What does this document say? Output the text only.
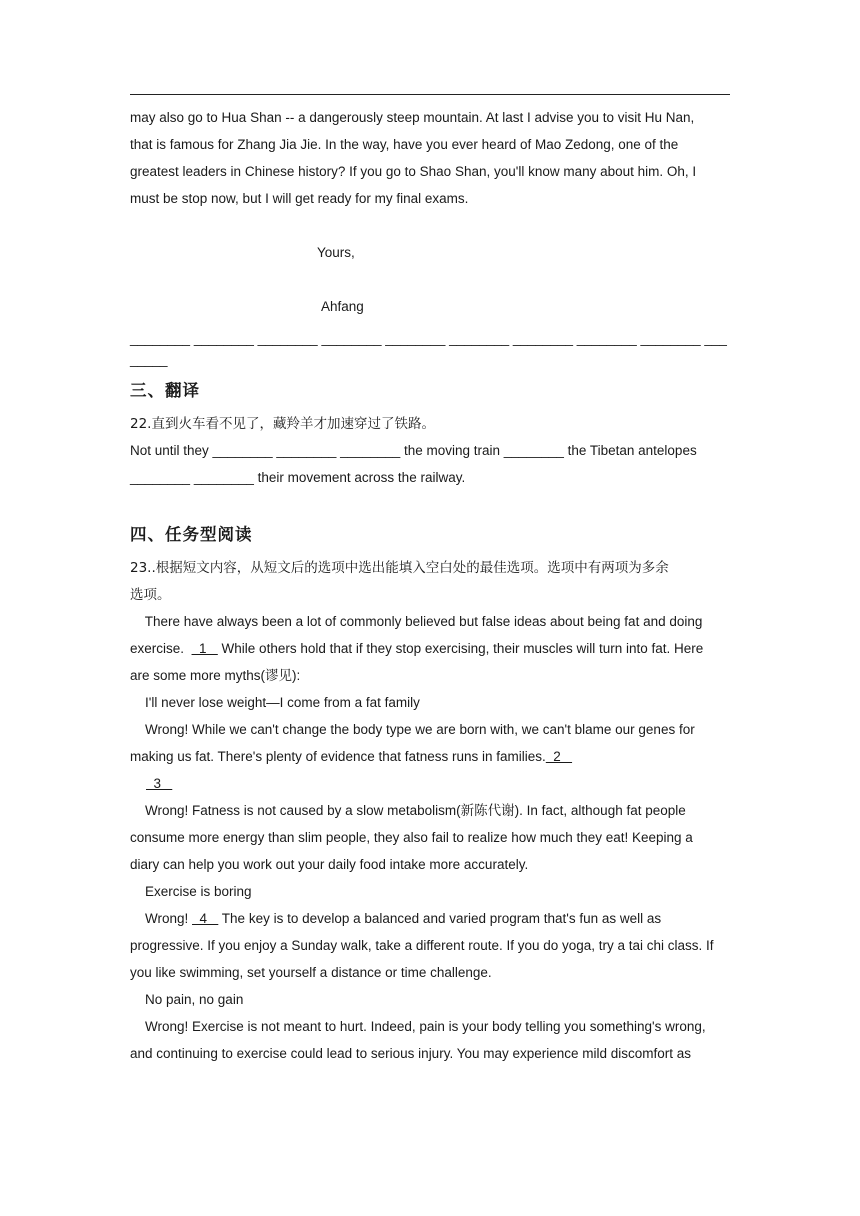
may also go to Hua Shan -- a dangerously steep mountain. At last I advise you to visit Hu Nan,
that is famous for Zhang Jia Jie. In the way, have you ever heard of Mao Zedong, one of the
greatest leaders in Chinese history? If you go to Shao Shan, you'll know many about him. Oh, I
must be stop now, but I will get ready for my final exams.
Yours,
Ahfang
________ ________ ________ ________ ________ ________ ________ ________ ________ ___
_____
三、翻译
22.直到火车看不见了，藏羚羊才加速穿过了铁路。
Not until they ________ ________ ________ the moving train ________ the Tibetan antelopes
________ ________ their movement across the railway.
四、任务型阅读
23..根据短文内容，从短文后的选项中选出能填入空白处的最佳选项。选项中有两项为多余
选项。
There have always been a lot of commonly believed but false ideas about being fat and doing
exercise.    1    While others hold that if they stop exercising, their muscles will turn into fat. Here
are some more myths(谬见):
I'll never lose weight—I come from a fat family
Wrong! While we can't change the body type we are born with, we can't blame our genes for
making us fat. There's plenty of evidence that fatness runs in families.  2
3
Wrong! Fatness is not caused by a slow metabolism(新陈代谢). In fact, although fat people
consume more energy than slim people, they also fail to realize how much they eat! Keeping a
diary can help you work out your daily food intake more accurately.
Exercise is boring
Wrong!   4    The key is to develop a balanced and varied program that's fun as well as
progressive. If you enjoy a Sunday walk, take a different route. If you do yoga, try a tai chi class. If
you like swimming, set yourself a distance or time challenge.
No pain, no gain
Wrong! Exercise is not meant to hurt. Indeed, pain is your body telling you something's wrong,
and continuing to exercise could lead to serious injury. You may experience mild discomfort as
